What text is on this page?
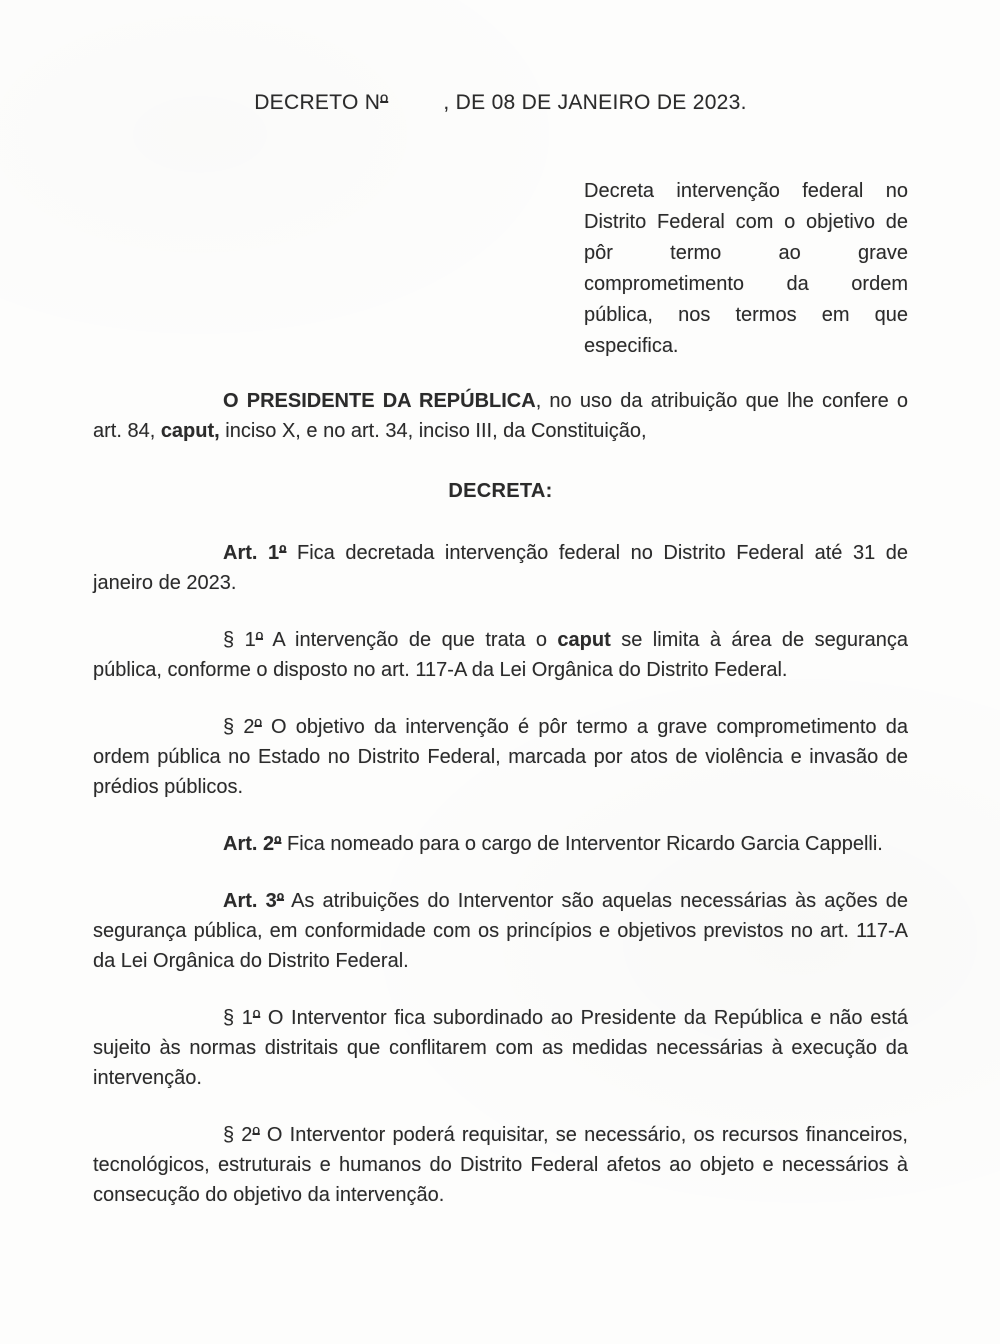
DECRETO Nº         , DE 08 DE JANEIRO DE 2023.

Decreta intervenção federal no Distrito Federal com o objetivo de pôr termo ao grave comprometimento da ordem pública, nos termos em que especifica.

O PRESIDENTE DA REPÚBLICA, no uso da atribuição que lhe confere o art. 84, caput, inciso X, e no art. 34, inciso III, da Constituição,

DECRETA:

Art. 1º Fica decretada intervenção federal no Distrito Federal até 31 de janeiro de 2023.

§ 1º A intervenção de que trata o caput se limita à área de segurança pública, conforme o disposto no art. 117-A da Lei Orgânica do Distrito Federal.

§ 2º O objetivo da intervenção é pôr termo a grave comprometimento da ordem pública no Estado no Distrito Federal, marcada por atos de violência e invasão de prédios públicos.

Art. 2º Fica nomeado para o cargo de Interventor Ricardo Garcia Cappelli.

Art. 3º As atribuições do Interventor são aquelas necessárias às ações de segurança pública, em conformidade com os princípios e objetivos previstos no art. 117-A da Lei Orgânica do Distrito Federal.

§ 1º O Interventor fica subordinado ao Presidente da República e não está sujeito às normas distritais que conflitarem com as medidas necessárias à execução da intervenção.

§ 2º O Interventor poderá requisitar, se necessário, os recursos financeiros, tecnológicos, estruturais e humanos do Distrito Federal afetos ao objeto e necessários à consecução do objetivo da intervenção.
